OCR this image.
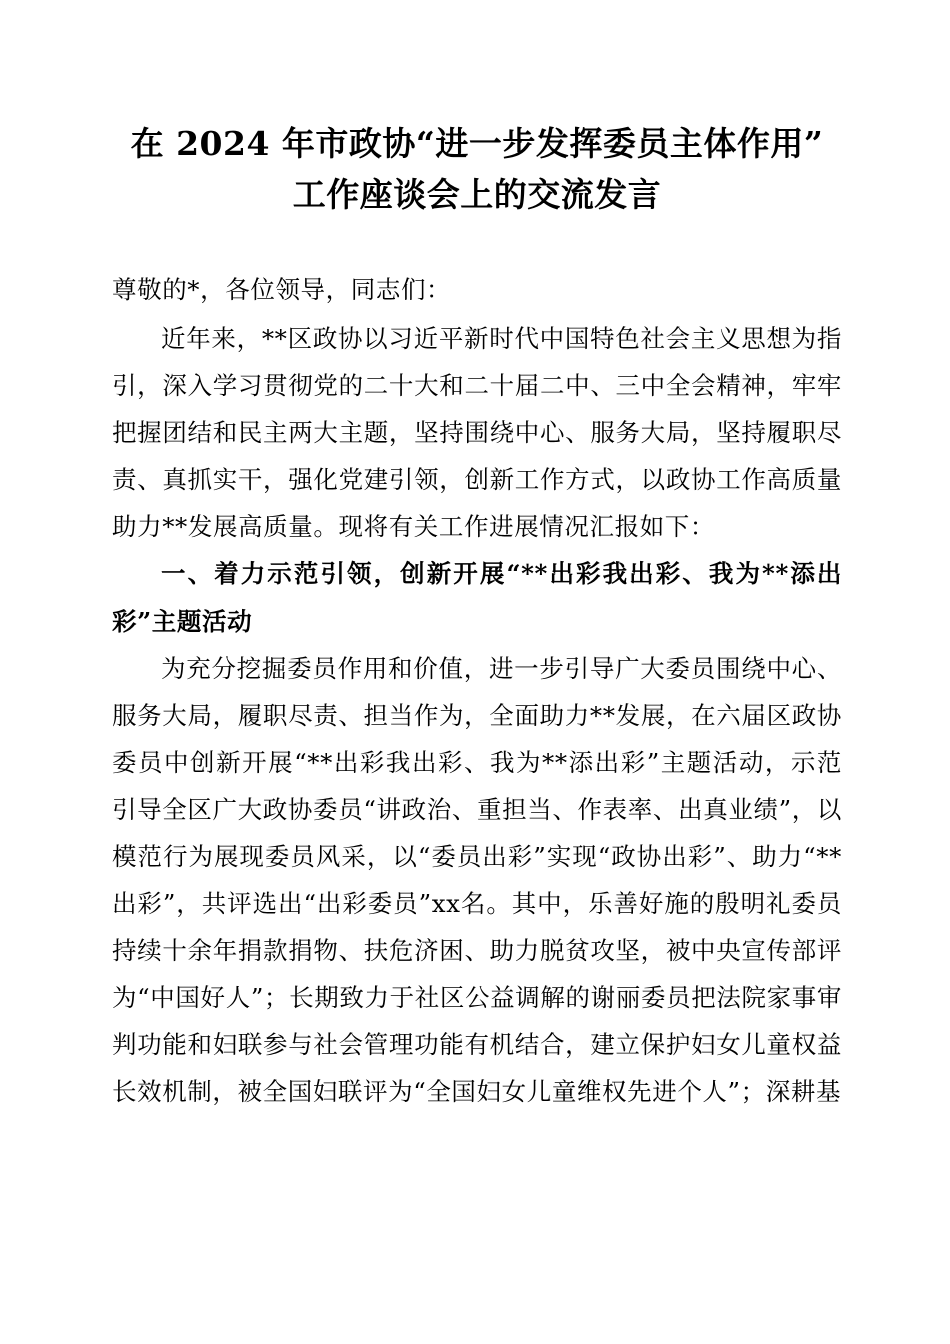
在 2024 年市政协“进一步发挥委员主体作用”工作座谈会上的交流发言

尊敬的*，各位领导，同志们：

近年来，**区政协以习近平新时代中国特色社会主义思想为指引，深入学习贯彻党的二十大和二十届二中、三中全会精神，牢牢把握团结和民主两大主题，坚持围绕中心、服务大局，坚持履职尽责、真抓实干，强化党建引领，创新工作方式，以政协工作高质量助力**发展高质量。现将有关工作进展情况汇报如下：

一、着力示范引领，创新开展“**出彩我出彩、我为**添出彩”主题活动

为充分挖掘委员作用和价值，进一步引导广大委员围绕中心、服务大局，履职尽责、担当作为，全面助力**发展，在六届区政协委员中创新开展“**出彩我出彩、我为**添出彩”主题活动，示范引导全区广大政协委员“讲政治、重担当、作表率、出真业绩”，以模范行为展现委员风采，以“委员出彩”实现“政协出彩”、助力“**出彩”，共评选出“出彩委员”xx名。其中，乐善好施的殷明礼委员持续十余年捐款捐物、扶危济困、助力脱贫攻坚，被中央宣传部评为“中国好人”；长期致力于社区公益调解的谢丽委员把法院家事审判功能和妇联参与社会管理功能有机结合，建立保护妇女儿童权益长效机制，被全国妇联评为“全国妇女儿童维权先进个人”；深耕基
